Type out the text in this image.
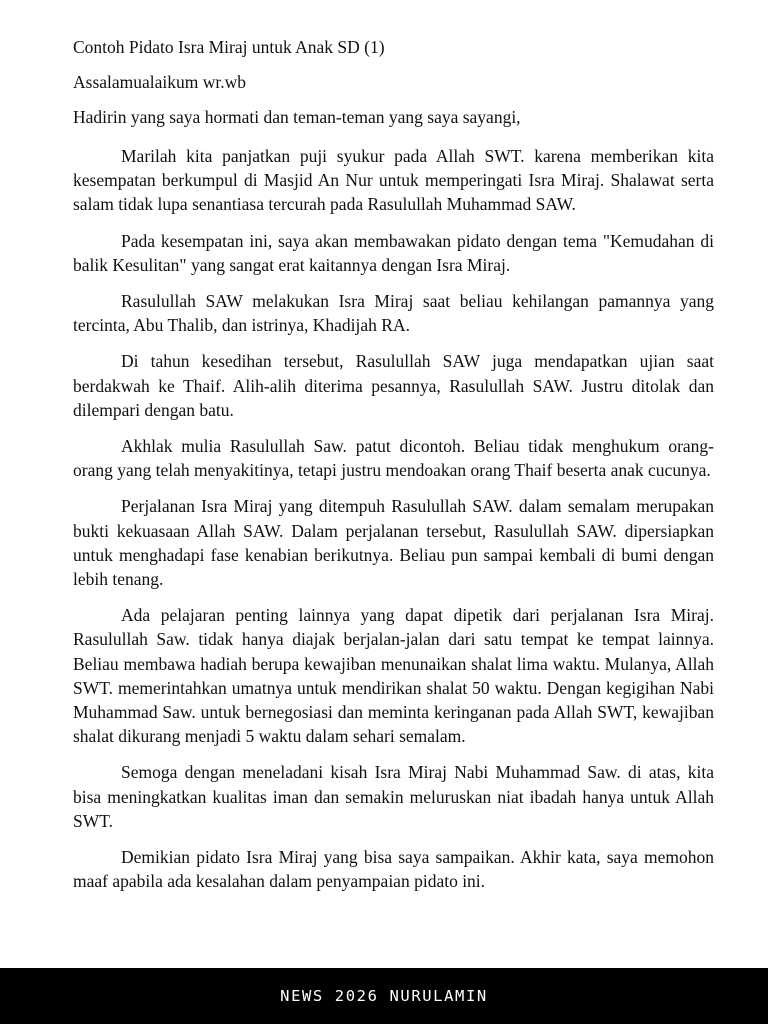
Contoh Pidato Isra Miraj untuk Anak SD (1)

Assalamualaikum wr.wb

Hadirin yang saya hormati dan teman-teman yang saya sayangi,

Marilah kita panjatkan puji syukur pada Allah SWT. karena memberikan kita kesempatan berkumpul di Masjid An Nur untuk memperingati Isra Miraj. Shalawat serta salam tidak lupa senantiasa tercurah pada Rasulullah Muhammad SAW.

Pada kesempatan ini, saya akan membawakan pidato dengan tema "Kemudahan di balik Kesulitan" yang sangat erat kaitannya dengan Isra Miraj.

Rasulullah SAW melakukan Isra Miraj saat beliau kehilangan pamannya yang tercinta, Abu Thalib, dan istrinya, Khadijah RA.

Di tahun kesedihan tersebut, Rasulullah SAW juga mendapatkan ujian saat berdakwah ke Thaif. Alih-alih diterima pesannya, Rasulullah SAW. Justru ditolak dan dilempari dengan batu.

Akhlak mulia Rasulullah Saw. patut dicontoh. Beliau tidak menghukum orang-orang yang telah menyakitinya, tetapi justru mendoakan orang Thaif beserta anak cucunya.

Perjalanan Isra Miraj yang ditempuh Rasulullah SAW. dalam semalam merupakan bukti kekuasaan Allah SAW. Dalam perjalanan tersebut, Rasulullah SAW. dipersiapkan untuk menghadapi fase kenabian berikutnya. Beliau pun sampai kembali di bumi dengan lebih tenang.

Ada pelajaran penting lainnya yang dapat dipetik dari perjalanan Isra Miraj. Rasulullah Saw. tidak hanya diajak berjalan-jalan dari satu tempat ke tempat lainnya. Beliau membawa hadiah berupa kewajiban menunaikan shalat lima waktu. Mulanya, Allah SWT. memerintahkan umatnya untuk mendirikan shalat 50 waktu. Dengan kegigihan Nabi Muhammad Saw. untuk bernegosiasi dan meminta keringanan pada Allah SWT, kewajiban shalat dikurang menjadi 5 waktu dalam sehari semalam.

Semoga dengan meneladani kisah Isra Miraj Nabi Muhammad Saw. di atas, kita bisa meningkatkan kualitas iman dan semakin meluruskan niat ibadah hanya untuk Allah SWT.

Demikian pidato Isra Miraj yang bisa saya sampaikan. Akhir kata, saya memohon maaf apabila ada kesalahan dalam penyampaian pidato ini.

NEWS 2026 NURULAMIN
